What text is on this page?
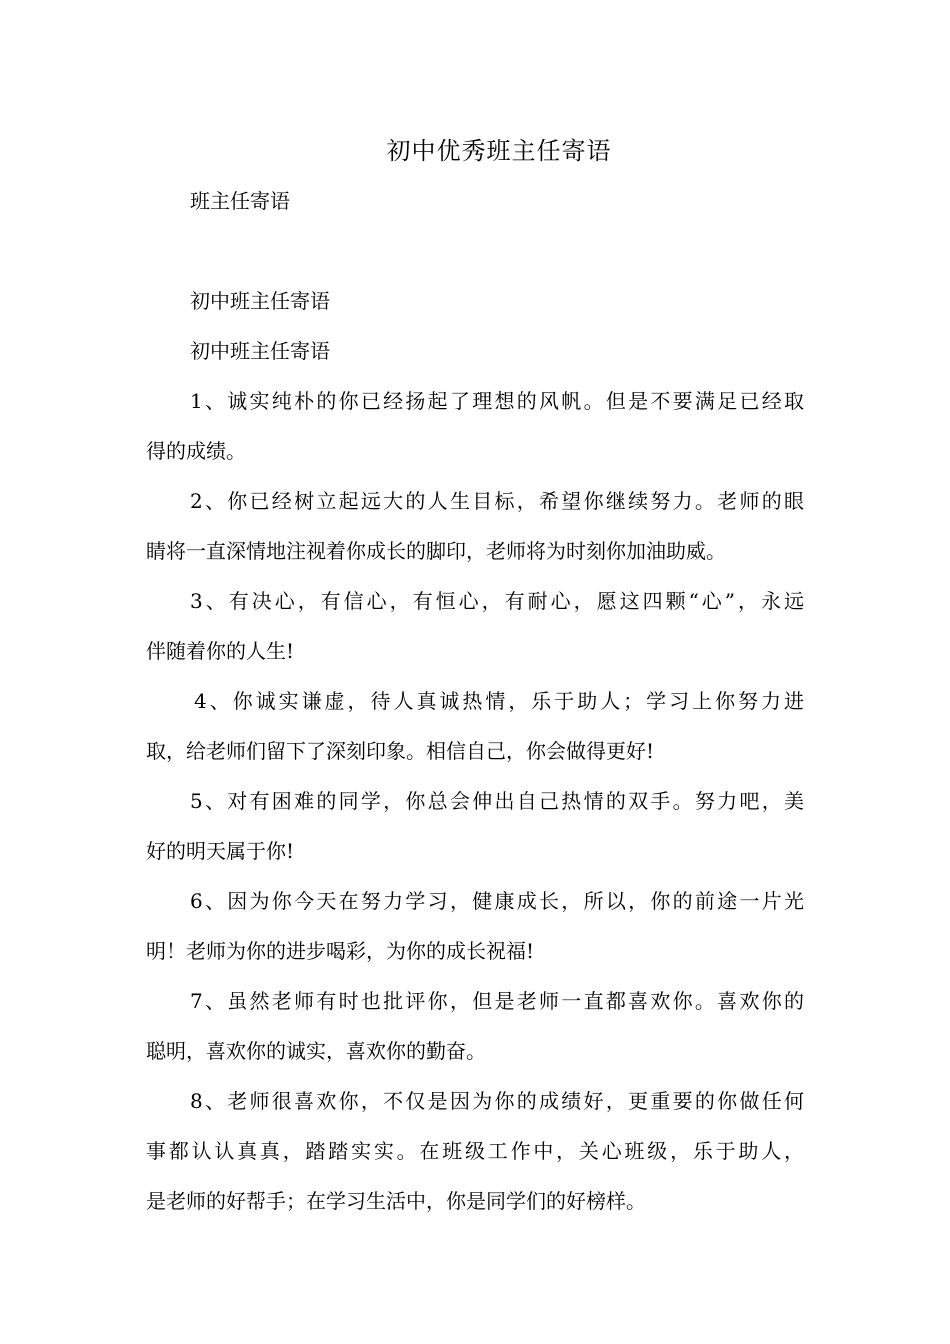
初中优秀班主任寄语
班主任寄语
初中班主任寄语
初中班主任寄语
1、诚实纯朴的你已经扬起了理想的风帆。但是不要满足已经取
得的成绩。
2、你已经树立起远大的人生目标，希望你继续努力。老师的眼
睛将一直深情地注视着你成长的脚印，老师将为时刻你加油助威。
3、有决心，有信心，有恒心，有耐心，愿这四颗“心”，永远
伴随着你的人生!
4、你诚实谦虚，待人真诚热情，乐于助人；学习上你努力进
取，给老师们留下了深刻印象。相信自己，你会做得更好!
5、对有困难的同学，你总会伸出自己热情的双手。努力吧，美
好的明天属于你!
6、因为你今天在努力学习，健康成长，所以，你的前途一片光
明！老师为你的进步喝彩，为你的成长祝福!
7、虽然老师有时也批评你，但是老师一直都喜欢你。喜欢你的
聪明，喜欢你的诚实，喜欢你的勤奋。
8、老师很喜欢你，不仅是因为你的成绩好，更重要的你做任何
事都认认真真，踏踏实实。在班级工作中，关心班级，乐于助人，
是老师的好帮手；在学习生活中，你是同学们的好榜样。
